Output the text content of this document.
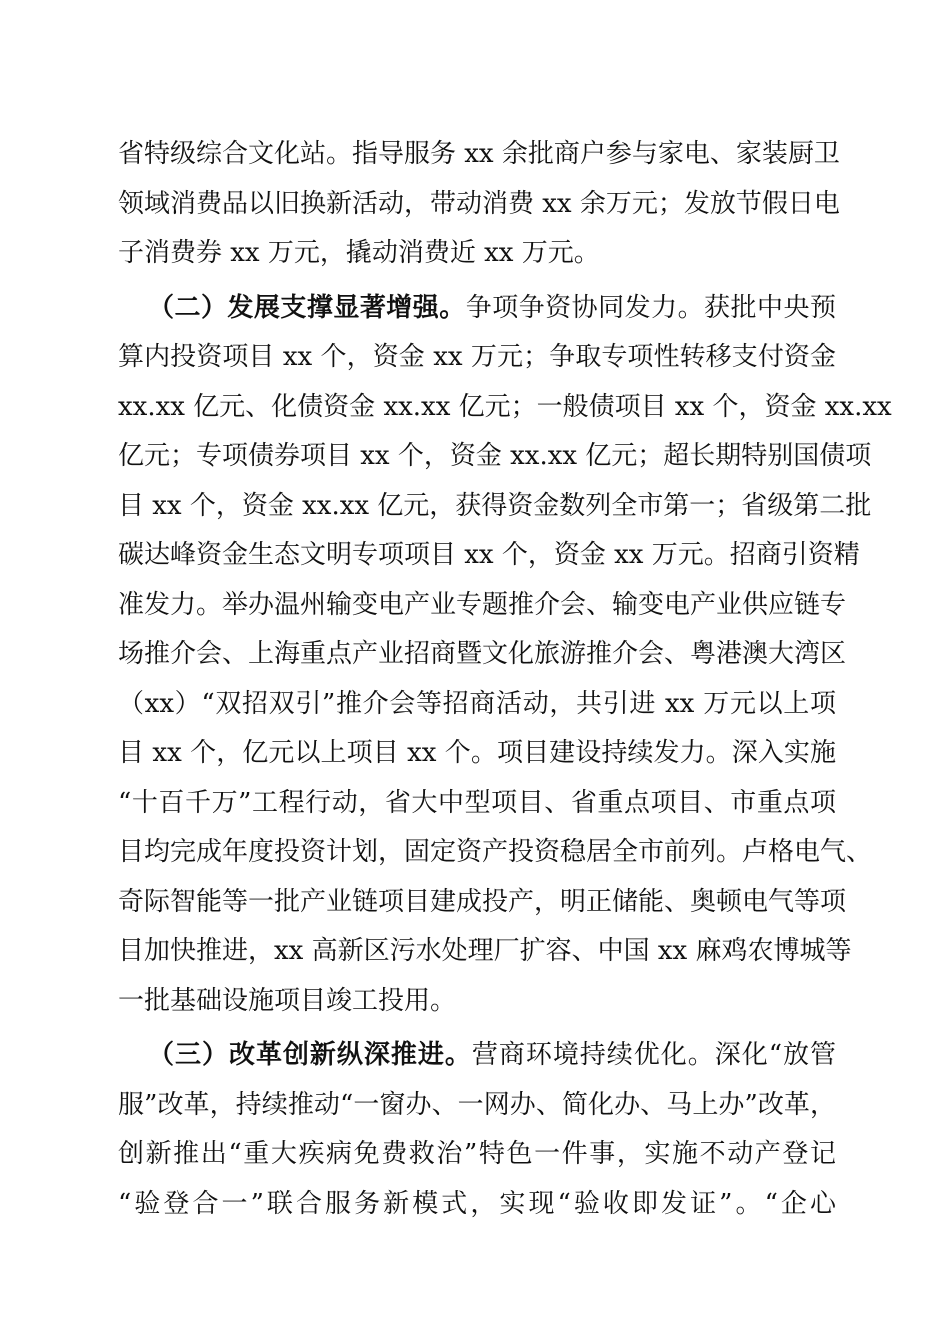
省特级综合文化站。指导服务 xx 余批商户参与家电、家装厨卫
领域消费品以旧换新活动，带动消费 xx 余万元；发放节假日电
子消费券 xx 万元，撬动消费近 xx 万元。
（二）发展支撑显著增强。争项争资协同发力。获批中央预
算内投资项目 xx 个，资金 xx 万元；争取专项性转移支付资金
xx.xx 亿元、化债资金 xx.xx 亿元；一般债项目 xx 个，资金 xx.xx
亿元；专项债券项目 xx 个，资金 xx.xx 亿元；超长期特别国债项
目 xx 个，资金 xx.xx 亿元，获得资金数列全市第一；省级第二批
碳达峰资金生态文明专项项目 xx 个，资金 xx 万元。招商引资精
准发力。举办温州输变电产业专题推介会、输变电产业供应链专
场推介会、上海重点产业招商暨文化旅游推介会、粤港澳大湾区
（xx）“双招双引”推介会等招商活动，共引进 xx 万元以上项
目 xx 个，亿元以上项目 xx 个。项目建设持续发力。深入实施
“十百千万”工程行动，省大中型项目、省重点项目、市重点项
目均完成年度投资计划，固定资产投资稳居全市前列。卢格电气、
奇际智能等一批产业链项目建成投产，明正储能、奥顿电气等项
目加快推进，xx 高新区污水处理厂扩容、中国 xx 麻鸡农博城等
一批基础设施项目竣工投用。
（三）改革创新纵深推进。营商环境持续优化。深化“放管
服”改革，持续推动“一窗办、一网办、简化办、马上办”改革，
创新推出“重大疾病免费救治”特色一件事，实施不动产登记
“验登合一”联合服务新模式，实现“验收即发证”。“企心
